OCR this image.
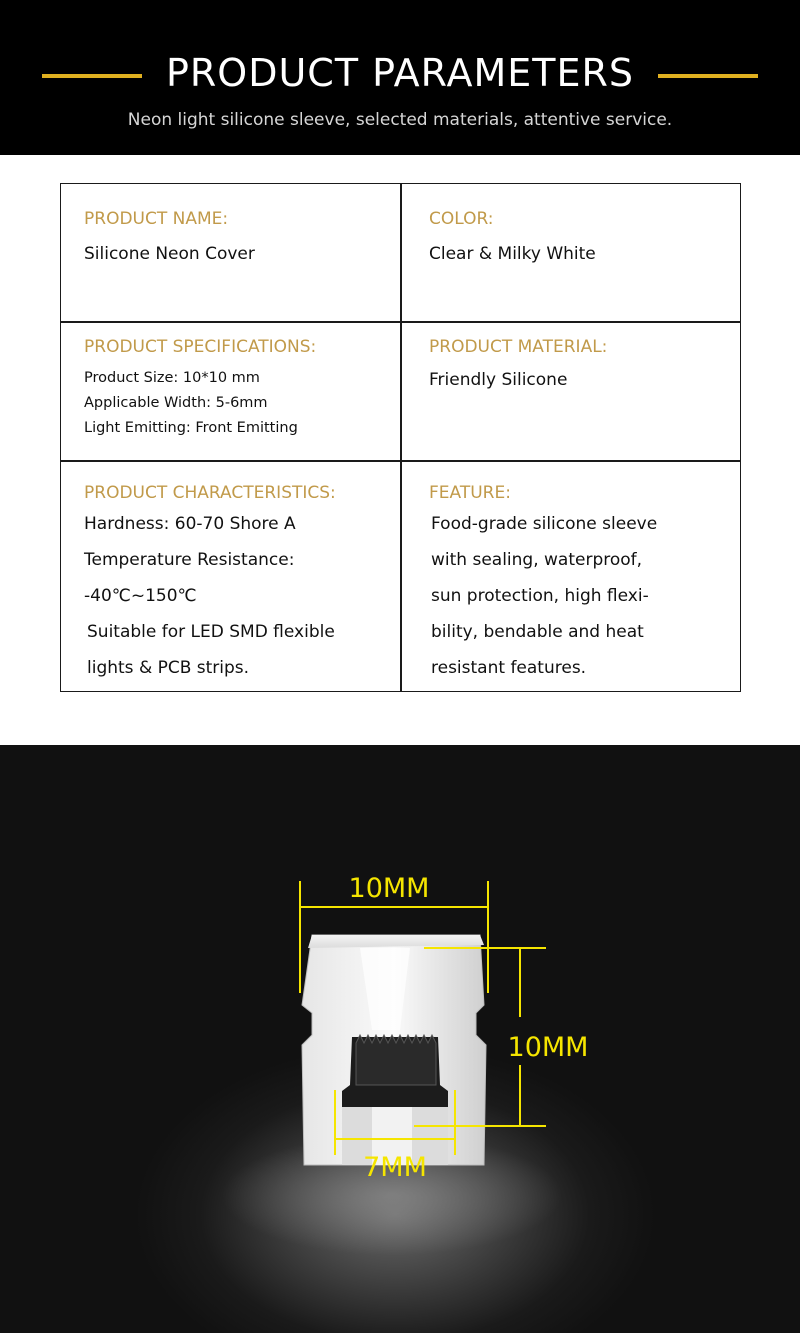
PRODUCT PARAMETERS
Neon light silicone sleeve, selected materials, attentive service.
PRODUCT NAME:
Silicone Neon Cover
COLOR:
Clear & Milky White
PRODUCT SPECIFICATIONS:
Product Size: 10*10 mm
Applicable Width: 5-6mm
Light Emitting: Front Emitting
PRODUCT MATERIAL:
Friendly Silicone
PRODUCT CHARACTERISTICS:
Hardness: 60-70 Shore A
Temperature Resistance:
-40℃~150℃
Suitable for LED SMD flexible
lights & PCB strips.
FEATURE:
Food-grade silicone sleeve
with sealing, waterproof,
sun protection, high flexi-
bility, bendable and heat
resistant features.
10MM
10MM
7MM
